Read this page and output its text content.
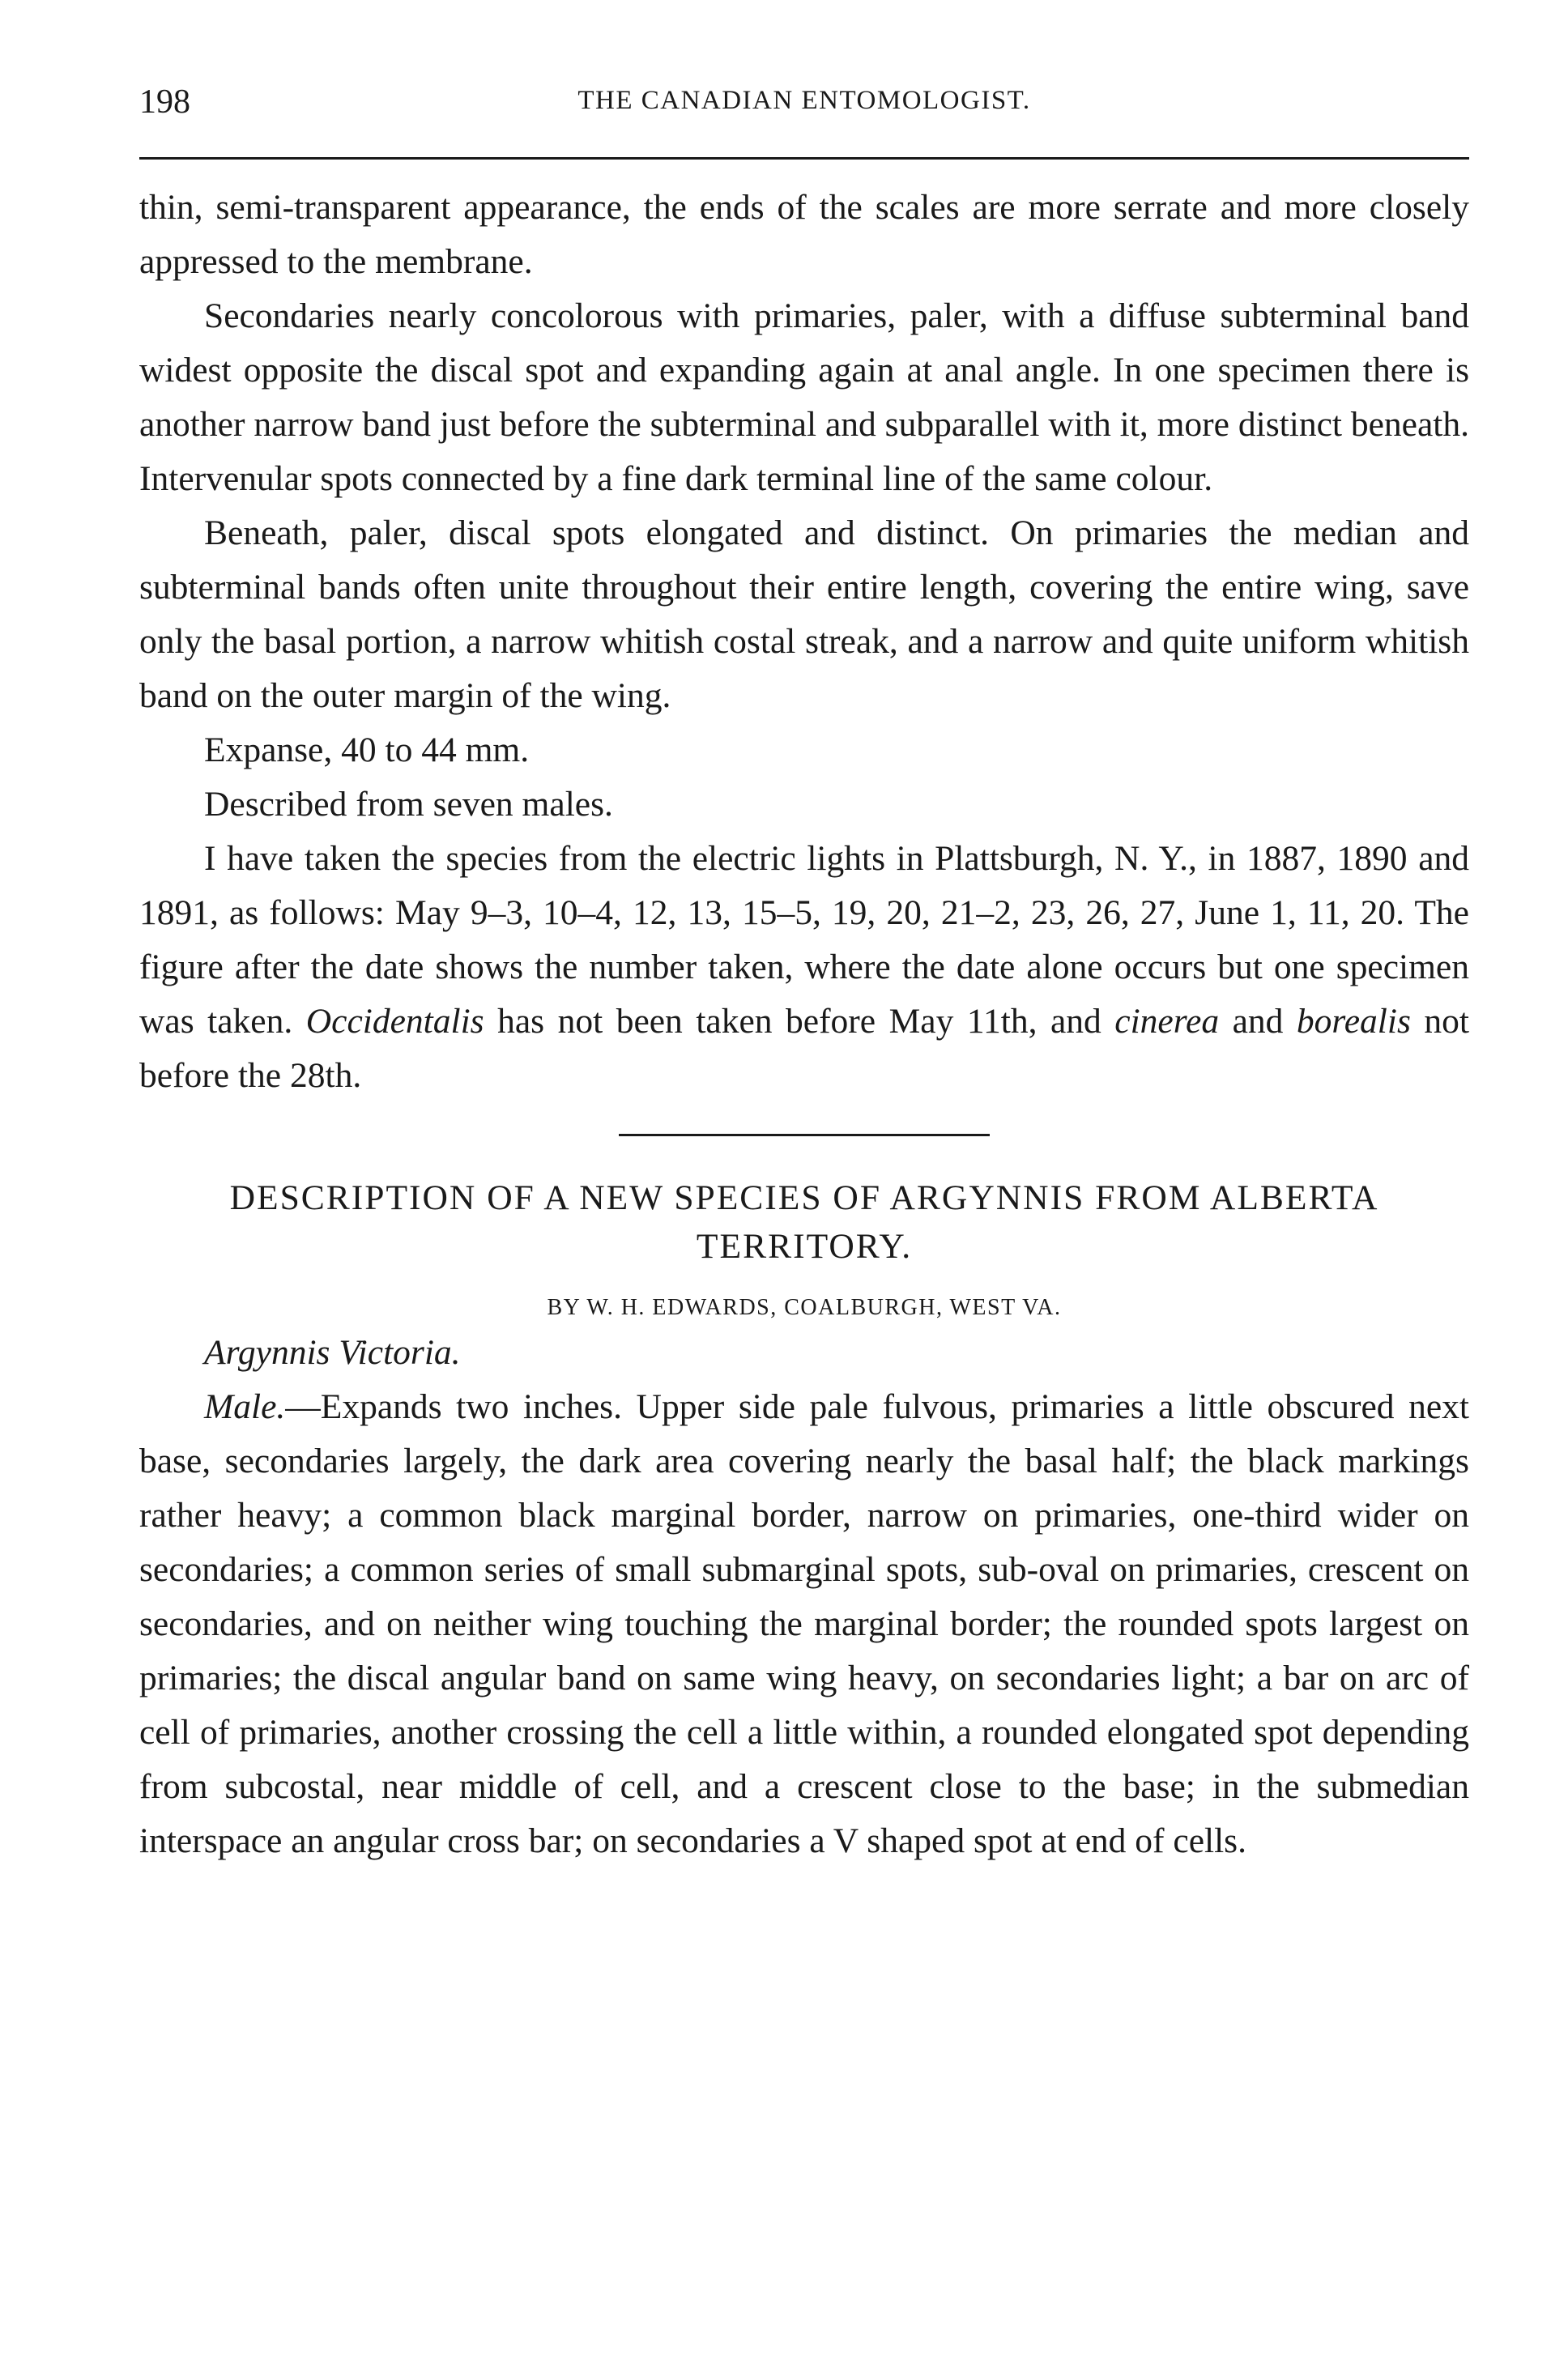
198	THE CANADIAN ENTOMOLOGIST.

thin, semi-transparent appearance, the ends of the scales are more serrate and more closely appressed to the membrane.

Secondaries nearly concolorous with primaries, paler, with a diffuse subterminal band widest opposite the discal spot and expanding again at anal angle. In one specimen there is another narrow band just before the subterminal and subparallel with it, more distinct beneath. Intervenular spots connected by a fine dark terminal line of the same colour.

Beneath, paler, discal spots elongated and distinct. On primaries the median and subterminal bands often unite throughout their entire length, covering the entire wing, save only the basal portion, a narrow whitish costal streak, and a narrow and quite uniform whitish band on the outer margin of the wing.

Expanse, 40 to 44 mm.

Described from seven males.

I have taken the species from the electric lights in Plattsburgh, N. Y., in 1887, 1890 and 1891, as follows: May 9–3, 10–4, 12, 13, 15–5, 19, 20, 21–2, 23, 26, 27, June 1, 11, 20. The figure after the date shows the number taken, where the date alone occurs but one specimen was taken. Occidentalis has not been taken before May 11th, and cinerea and borealis not before the 28th.

DESCRIPTION OF A NEW SPECIES OF ARGYNNIS FROM ALBERTA TERRITORY.
BY W. H. EDWARDS, COALBURGH, WEST VA.

Argynnis Victoria.

Male.—Expands two inches. Upper side pale fulvous, primaries a little obscured next base, secondaries largely, the dark area covering nearly the basal half; the black markings rather heavy; a common black marginal border, narrow on primaries, one-third wider on secondaries; a common series of small submarginal spots, sub-oval on primaries, crescent on secondaries, and on neither wing touching the marginal border; the rounded spots largest on primaries; the discal angular band on same wing heavy, on secondaries light; a bar on arc of cell of primaries, another crossing the cell a little within, a rounded elongated spot depending from subcostal, near middle of cell, and a crescent close to the base; in the submedian interspace an angular cross bar; on secondaries a V shaped spot at end of cells.
